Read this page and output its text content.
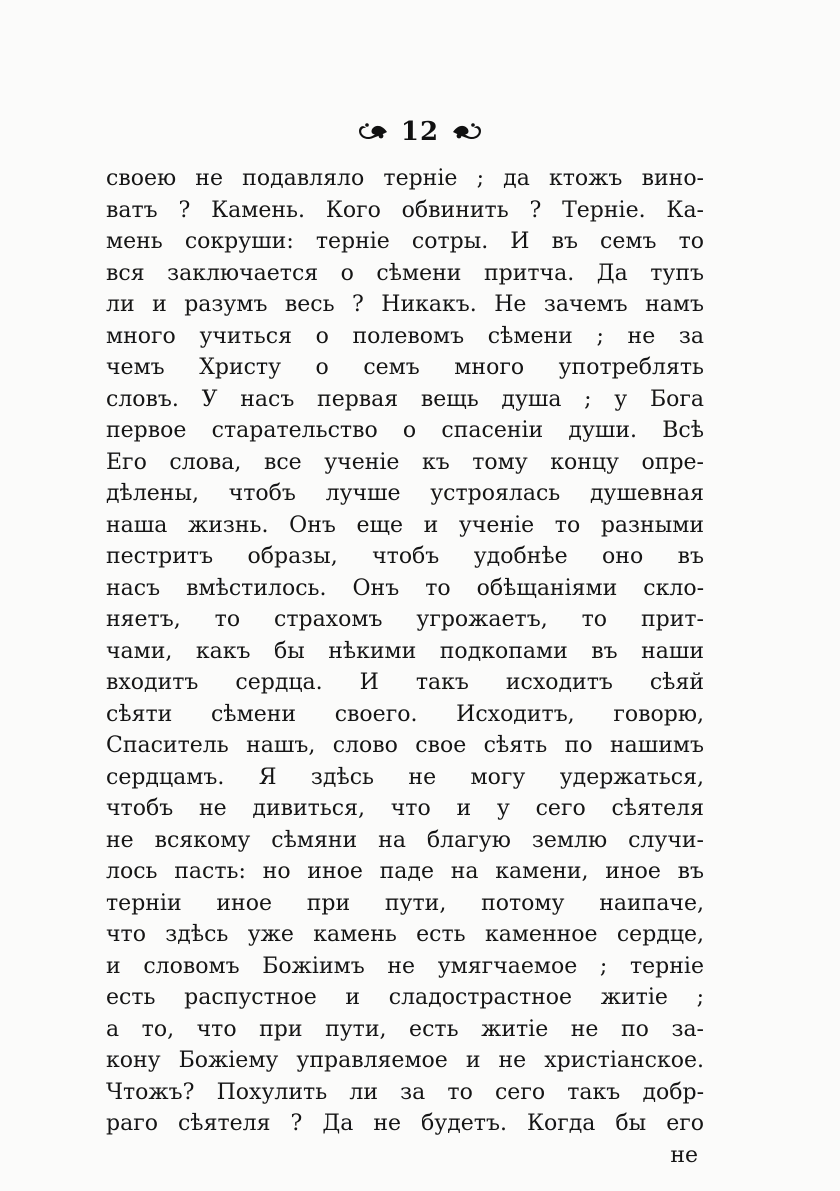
12
своею не подавляло терніе ; да ктожъ вино-
ватъ ? Камень. Кого обвинить ? Терніе. Ка-
мень сокруши: терніе сотры. И въ семъ то
вся заключается о сѣмени притча. Да тупъ
ли и разумъ весь ? Никакъ. Не зачемъ намъ
много учиться о полевомъ сѣмени ; не за
чемъ Христу о семъ много употреблять
словъ. У насъ первая вещь душа ; у Бога
первое старательство о спасеніи души. Всѣ
Его слова, все ученіе къ тому концу опре-
дѣлены, чтобъ лучше устроялась душевная
наша жизнь. Онъ еще и ученіе то разными
пестритъ образы, чтобъ удобнѣе оно въ
насъ вмѣстилось. Онъ то обѣщаніями скло-
няетъ, то страхомъ угрожаетъ, то прит-
чами, какъ бы нѣкими подкопами въ наши
входитъ сердца. И такъ исходитъ сѣяй
сѣяти сѣмени своего. Исходитъ, говорю,
Спаситель нашъ, слово свое сѣять по нашимъ
сердцамъ. Я здѣсь не могу удержаться,
чтобъ не дивиться, что и у сего сѣятеля
не всякому сѣмяни на благую землю случи-
лось пасть: но иное паде на камени, иное въ
терніи иное при пути, потому наипаче,
что здѣсь уже камень есть каменное сердце,
и словомъ Божіимъ не умягчаемое ; терніе
есть распустное и сладострастное житіе ;
а то, что при пути, есть житіе не по за-
кону Божіему управляемое и не христіанское.
Чтожъ? Похулить ли за то сего такъ добр-
раго сѣятеля ? Да не будетъ. Когда бы его
не
